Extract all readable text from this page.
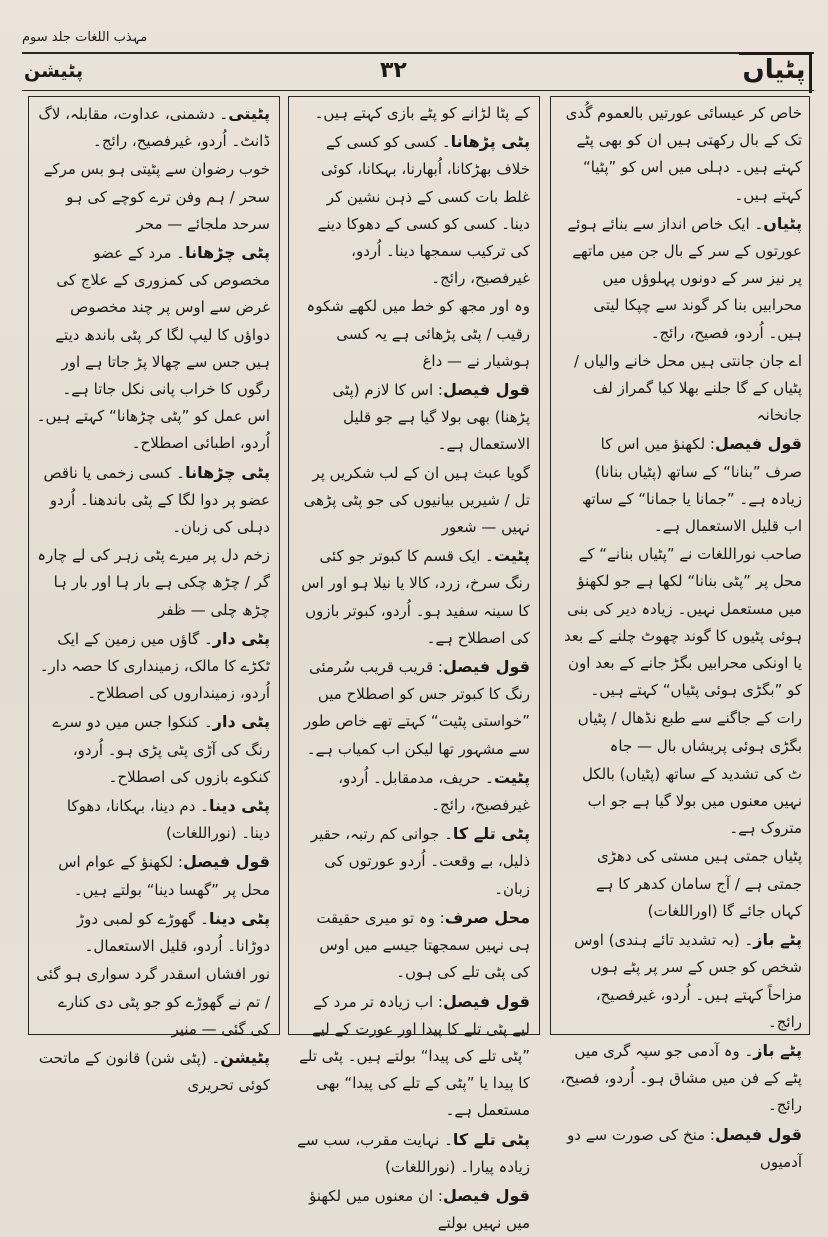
مہذب اللغات جلد سوم
پٹیشن	۳۲	پٹیاں

خاص کر عیسائی عورتیں بالعموم گُدی تک کے بال رکھتی ہیں ان کو بھی پٹے کہتے ہیں۔ دہلی میں اس کو ”پٹیا“ کہتے ہیں۔

پٹیاں۔ ایک خاص انداز سے بنائے ہوئے عورتوں کے سر کے بال جن میں ماتھے پر نیز سر کے دونوں پہلوؤں میں محرابیں بنا کر گوند سے چپکا لیتی ہیں۔ اُردو، فصیح، رائج۔

اے جان جانتی ہیں محل خانے والیاں / پٹیاں کے گا جلنے بھلا کیا گمراز لف جانخانہ

قول فیصل: لکھنؤ میں اس کا صرف ”بنانا“ کے ساتھ (پٹیاں بنانا) زیادہ ہے۔ ”جمانا یا جمانا“ کے ساتھ اب قلیل الاستعمال ہے۔

صاحب نوراللغات نے ”پٹیاں بنانے“ کے محل پر ”پٹی بنانا“ لکھا ہے جو لکھنؤ میں مستعمل نہیں۔ زیادہ دیر کی بنی ہوئی پٹیوں کا گوند چھوٹ چلنے کے بعد یا اونکی محرابیں بگڑ جانے کے بعد اون کو ”بگڑی ہوئی پٹیاں“ کہتے ہیں۔

رات کے جاگنے سے طبع نڈھال / پٹیاں بگڑی ہوئی پریشاں بال — جاہ

ٹ کی تشدید کے ساتھ (پٹیاں) بالکل نہیں معنوں میں بولا گیا ہے جو اب متروک ہے۔

پٹیاں جمتی ہیں مستی کی دھڑی جمتی ہے / آج سامان کدھر کا ہے کہاں جائے گا (اوراللغات)

پٹے باز۔ (بہ تشدید تائے ہندی) اوس شخص کو جس کے سر پر پٹے ہوں مزاحاً کہتے ہیں۔ اُردو، غیرفصیح، رائج۔

پٹے باز۔ وہ آدمی جو سپہ گری میں پٹے کے فن میں مشاق ہو۔ اُردو، فصیح، رائج۔

قول فیصل: منخ کی صورت سے دو آدمیوں

کے پٹا لڑانے کو پٹے بازی کہتے ہیں۔

پٹی پڑھانا۔ کسی کو کسی کے خلاف بھڑکانا، اُبھارنا، بہکانا، کوئی غلط بات کسی کے ذہن نشین کر دینا۔ کسی کو کسی کے دھوکا دینے کی ترکیب سمجھا دینا۔ اُردو، غیرفصیح، رائج۔

وہ اور مجھ کو خط میں لکھے شکوہ رقیب / پٹی پڑھائی ہے یہ کسی ہوشیار نے — داغ

قول فیصل: اس کا لازم (پٹی پڑھنا) بھی بولا گیا ہے جو قلیل الاستعمال ہے۔

گویا عبث ہیں ان کے لب شکریں پر تل / شیریں بیانیوں کی جو پٹی پڑھی نہیں — شعور

پٹیت۔ ایک قسم کا کبوتر جو کئی رنگ سرخ، زرد، کالا یا نیلا ہو اور اس کا سینہ سفید ہو۔ اُردو، کبوتر بازوں کی اصطلاح ہے۔

قول فیصل: قریب قریب سُرمئی رنگ کا کبوتر جس کو اصطلاح میں ”خواستی پٹیت“ کہتے تھے خاص طور سے مشہور تھا لیکن اب کمیاب ہے۔

پٹیت۔ حریف، مدمقابل۔ اُردو، غیرفصیح، رائج۔

پٹی تلے کا۔ جوانی کم رتبہ، حقیر ذلیل، بے وقعت۔ اُردو عورتوں کی زبان۔

محل صرف: وہ تو میری حقیقت ہی نہیں سمجھتا جیسے میں اوس کی پٹی تلے کی ہوں۔

قول فیصل: اب زیادہ تر مرد کے لیے پٹی تلے کا پیدا اور عورت کے لیے ”پٹی تلے کی پیدا“ بولتے ہیں۔ پٹی تلے کا پیدا یا ”پٹی کے تلے کی پیدا“ بھی مستعمل ہے۔

پٹی تلے کا۔ نہایت مقرب، سب سے زیادہ پیارا۔ (نوراللغات)

قول فیصل: ان معنوں میں لکھنؤ میں نہیں بولتے

پٹیتی۔ دشمنی، عداوت، مقابلہ، لاگ ڈانٹ۔ اُردو، غیرفصیح، رائج۔

خوب رضوان سے پٹیتی ہو بس مرکے سحر / ہم وفن ترے کوچے کی ہو سرحد ملجائے — محر

پٹی چڑھانا۔ مرد کے عضو مخصوص کی کمزوری کے علاج کی غرض سے اوس پر چند مخصوص دواؤں کا لیپ لگا کر پٹی باندھ دیتے ہیں جس سے چھالا پڑ جاتا ہے اور رگوں کا خراب پانی نکل جاتا ہے۔ اس عمل کو ”پٹی چڑھانا“ کہتے ہیں۔ اُردو، اطبائی اصطلاح۔

پٹی چڑھانا۔ کسی زخمی یا ناقص عضو پر دوا لگا کے پٹی باندھنا۔ اُردو دہلی کی زبان۔

زخم دل پر میرے پٹی زہر کی لے چارہ گر / چڑھ چکی ہے بار ہا اور بار ہا چڑھ چلی — ظفر

پٹی دار۔ گاؤں میں زمین کے ایک ٹکڑے کا مالک، زمینداری کا حصہ دار۔ اُردو، زمینداروں کی اصطلاح۔

پٹی دار۔ کنکوا جس میں دو سرے رنگ کی آڑی پٹی پڑی ہو۔ اُردو، کنکوے بازوں کی اصطلاح۔

پٹی دینا۔ دم دینا، بہکانا، دھوکا دینا۔ (نوراللغات)

قول فیصل: لکھنؤ کے عوام اس محل پر ”گھسا دینا“ بولتے ہیں۔

پٹی دینا۔ گھوڑے کو لمبی دوڑ دوڑانا۔ اُردو، قلیل الاستعمال۔

نور افشاں اسقدر گرد سواری ہو گئی / تم نے گھوڑے کو جو پٹی دی کنارے کی گئی — منیر

پٹیشن۔ (پٹی شن) قانون کے ماتحت کوئی تحریری
